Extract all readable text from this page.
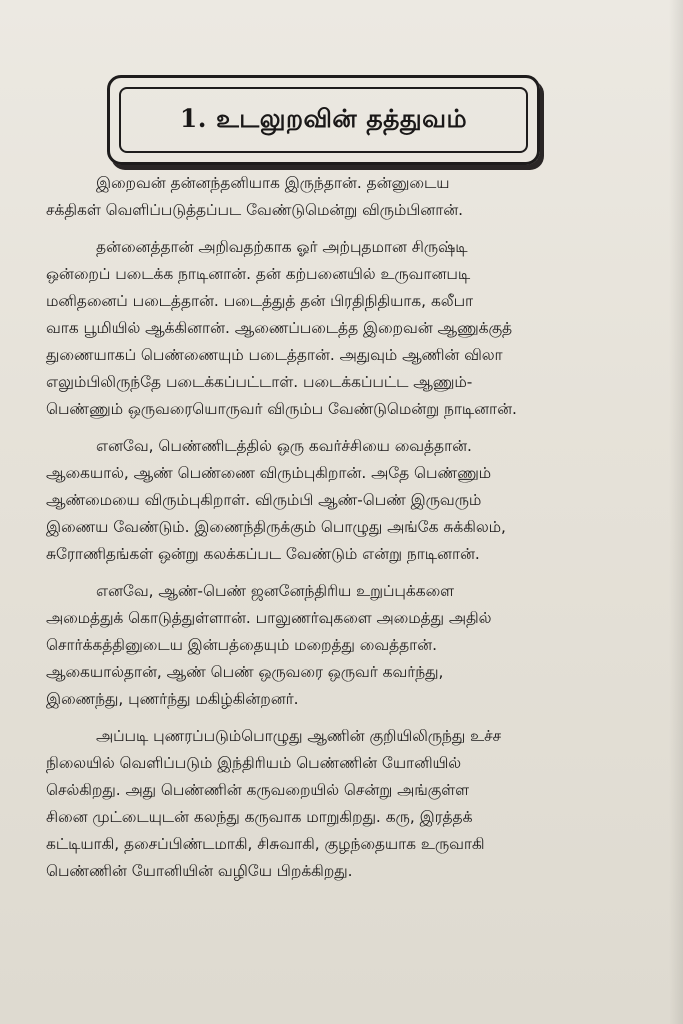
1. உடலுறவின் தத்துவம்
இறைவன் தன்னந்தனியாக இருந்தான். தன்னுடைய
சக்திகள் வெளிப்படுத்தப்பட வேண்டுமென்று விரும்பினான்.
தன்னைத்தான் அறிவதற்காக ஓர் அற்புதமான சிருஷ்டி
ஒன்றைப் படைக்க நாடினான். தன் கற்பனையில் உருவானபடி
மனிதனைப் படைத்தான். படைத்துத் தன் பிரதிநிதியாக, கலீபா
வாக பூமியில் ஆக்கினான். ஆணைப்படைத்த இறைவன் ஆணுக்குத்
துணையாகப் பெண்ணையும் படைத்தான். அதுவும் ஆணின் விலா
எலும்பிலிருந்தே படைக்கப்பட்டாள். படைக்கப்பட்ட ஆணும்-
பெண்ணும் ஒருவரையொருவர் விரும்ப வேண்டுமென்று நாடினான்.
எனவே, பெண்ணிடத்தில் ஒரு கவர்ச்சியை வைத்தான்.
ஆகையால், ஆண் பெண்ணை விரும்புகிறான். அதே பெண்ணும்
ஆண்மையை விரும்புகிறாள். விரும்பி ஆண்-பெண் இருவரும்
இணைய வேண்டும். இணைந்திருக்கும் பொழுது அங்கே சுக்கிலம்,
சுரோணிதங்கள் ஒன்று கலக்கப்பட வேண்டும் என்று நாடினான்.
எனவே, ஆண்-பெண் ஜனனேந்திரிய உறுப்புக்களை
அமைத்துக் கொடுத்துள்ளான். பாலுணர்வுகளை அமைத்து அதில்
சொர்க்கத்தினுடைய இன்பத்தையும் மறைத்து வைத்தான்.
ஆகையால்தான், ஆண் பெண் ஒருவரை ஒருவர் கவர்ந்து,
இணைந்து, புணர்ந்து மகிழ்கின்றனர்.
அப்படி புணரப்படும்பொழுது ஆணின் குறியிலிருந்து உச்ச
நிலையில் வெளிப்படும் இந்திரியம் பெண்ணின் யோனியில்
செல்கிறது. அது பெண்ணின் கருவறையில் சென்று அங்குள்ள
சினை முட்டையுடன் கலந்து கருவாக மாறுகிறது. கரு, இரத்தக்
கட்டியாகி, தசைப்பிண்டமாகி, சிசுவாகி, குழந்தையாக உருவாகி
பெண்ணின் யோனியின் வழியே பிறக்கிறது.
